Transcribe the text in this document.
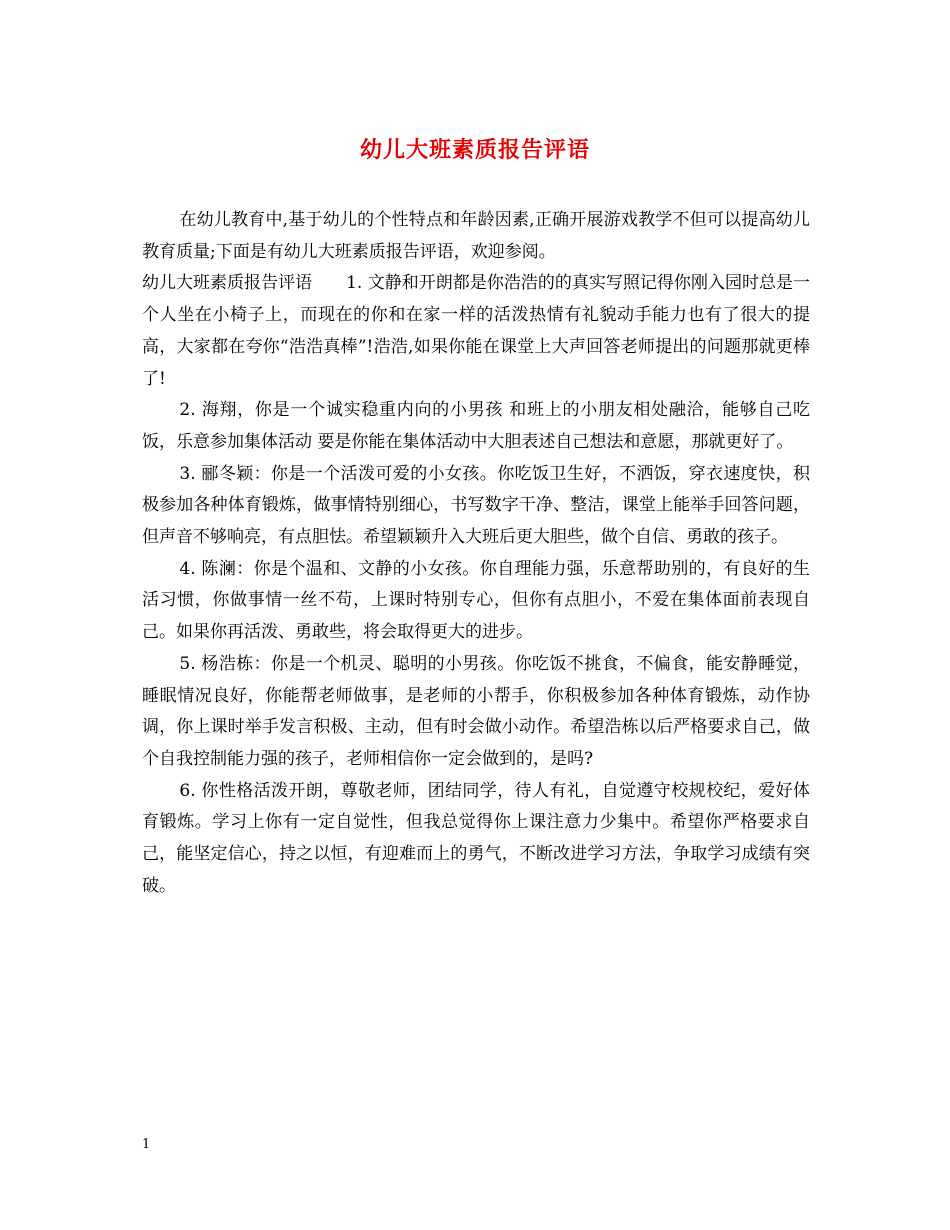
幼儿大班素质报告评语

在幼儿教育中,基于幼儿的个性特点和年龄因素,正确开展游戏教学不但可以提高幼儿教育质量;下面是有幼儿大班素质报告评语，欢迎参阅。

幼儿大班素质报告评语　　1. 文静和开朗都是你浩浩的的真实写照记得你刚入园时总是一个人坐在小椅子上，而现在的你和在家一样的活泼热情有礼貌动手能力也有了很大的提高，大家都在夸你“浩浩真棒”!浩浩,如果你能在课堂上大声回答老师提出的问题那就更棒了!

2. 海翔，你是一个诚实稳重内向的小男孩 和班上的小朋友相处融洽，能够自己吃饭，乐意参加集体活动 要是你能在集体活动中大胆表述自己想法和意愿，那就更好了。

3. 郦冬颖：你是一个活泼可爱的小女孩。你吃饭卫生好，不洒饭，穿衣速度快，积极参加各种体育锻炼，做事情特别细心，书写数字干净、整洁，课堂上能举手回答问题，但声音不够响亮，有点胆怯。希望颖颖升入大班后更大胆些，做个自信、勇敢的孩子。

4. 陈澜：你是个温和、文静的小女孩。你自理能力强，乐意帮助别的，有良好的生活习惯，你做事情一丝不苟，上课时特别专心，但你有点胆小，不爱在集体面前表现自己。如果你再活泼、勇敢些，将会取得更大的进步。

5. 杨浩栋：你是一个机灵、聪明的小男孩。你吃饭不挑食，不偏食，能安静睡觉，睡眠情况良好，你能帮老师做事，是老师的小帮手，你积极参加各种体育锻炼，动作协调，你上课时举手发言积极、主动，但有时会做小动作。希望浩栋以后严格要求自己，做个自我控制能力强的孩子，老师相信你一定会做到的，是吗?

6. 你性格活泼开朗，尊敬老师，团结同学，待人有礼，自觉遵守校规校纪，爱好体育锻炼。学习上你有一定自觉性，但我总觉得你上课注意力少集中。希望你严格要求自己，能坚定信心，持之以恒，有迎难而上的勇气，不断改进学习方法，争取学习成绩有突破。

1
